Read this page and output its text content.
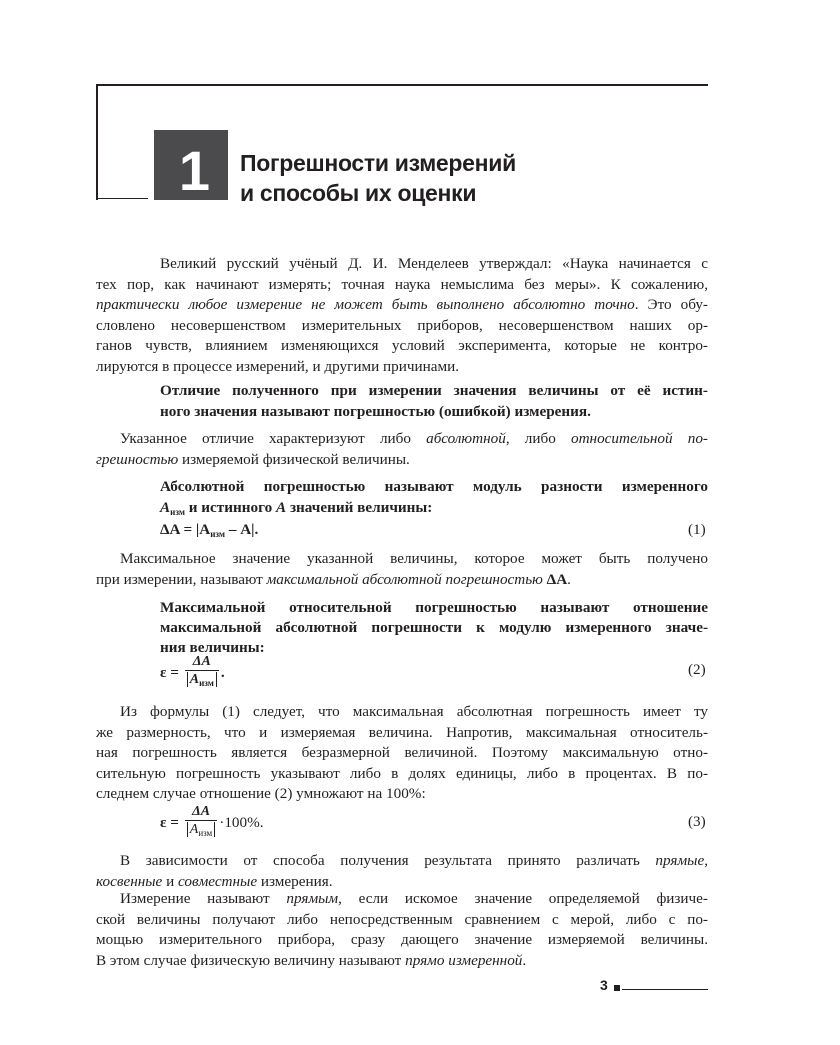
1 Погрешности измерений
и способы их оценки
Великий русский учёный Д. И. Менделеев утверждал: «Наука начинается с
тех пор, как начинают измерять; точная наука немыслима без меры». К сожалению,
практически любое измерение не может быть выполнено абсолютно точно. Это обу-
словлено несовершенством измерительных приборов, несовершенством наших ор-
ганов чувств, влиянием изменяющихся условий эксперимента, которые не контро-
лируются в процессе измерений, и другими причинами.
Отличие полученного при измерении значения величины от её истин-
ного значения называют погрешностью (ошибкой) измерения.
Указанное отличие характеризуют либо абсолютной, либо относительной по-
грешностью измеряемой физической величины.
Абсолютной погрешностью называют модуль разности измеренного
$A_{изм}$ и истинного A значений величины:
$\Delta A = |A_{изм} - A|$.	(1)
Максимальное значение указанной величины, которое может быть получено
при измерении, называют максимальной абсолютной погрешностью ΔA.
Максимальной относительной погрешностью называют отношение
максимальной абсолютной погрешности к модулю измеренного значе-
ния величины:
$\varepsilon = \frac{\Delta A}{A_{изм}}$ .	(2)
Из формулы (1) следует, что максимальная абсолютная погрешность имеет ту
же размерность, что и измеряемая величина. Напротив, максимальная относитель-
ная погрешность является безразмерной величиной. Поэтому максимальную отно-
сительную погрешность указывают либо в долях единицы, либо в процентах. В по-
следнем случае отношение (2) умножают на 100%:
$\varepsilon = \frac{\Delta A}{A_{изм}} \cdot 100\%$.	(3)
В зависимости от способа получения результата принято различать прямые,
косвенные и совместные измерения.
Измерение называют прямым, если искомое значение определяемой физиче-
ской величины получают либо непосредственным сравнением с мерой, либо с по-
мощью измерительного прибора, сразу дающего значение измеряемой величины.
В этом случае физическую величину называют прямо измеренной.
3
